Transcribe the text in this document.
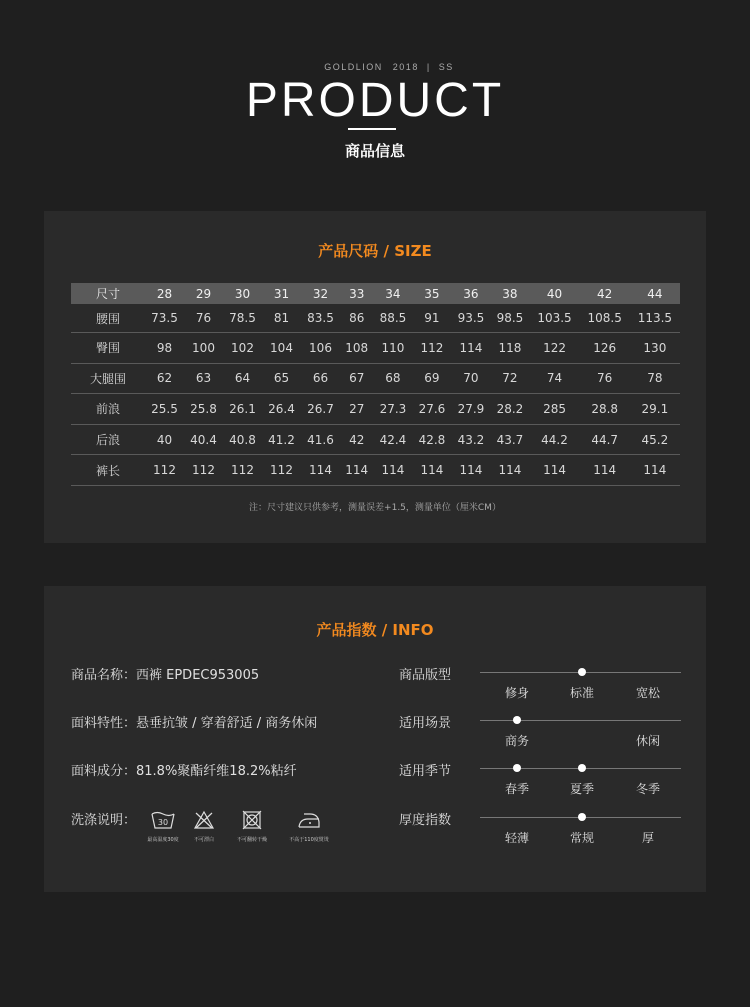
GOLDLION 2018 | SS
PRODUCT
商品信息
产品尺码 / SIZE
尺寸	28	29	30	31	32	33	34	35	36	38	40	42	44
腰围	73.5	76	78.5	81	83.5	86	88.5	91	93.5	98.5	103.5	108.5	113.5
臀围	98	100	102	104	106	108	110	112	114	118	122	126	130
大腿围	62	63	64	65	66	67	68	69	70	72	74	76	78
前浪	25.5	25.8	26.1	26.4	26.7	27	27.3	27.6	27.9	28.2	285	28.8	29.1
后浪	40	40.4	40.8	41.2	41.6	42	42.4	42.8	43.2	43.7	44.2	44.7	45.2
裤长	112	112	112	112	114	114	114	114	114	114	114	114	114
注：尺寸建议只供参考，测量误差+1.5，测量单位（厘米CM）
产品指数 / INFO
商品名称：西裤 EPDEC953005
面料特性：悬垂抗皱 / 穿着舒适 / 商务休闲
面料成分：81.8%聚酯纤维18.2%粘纤
洗涤说明：	30
最高温度30度	不可漂白	不可翻转干燥	不高于110度熨烫
商品版型
修身	标准	宽松
适用场景
商务	休闲
适用季节
春季	夏季	冬季
厚度指数
轻薄	常规	厚
